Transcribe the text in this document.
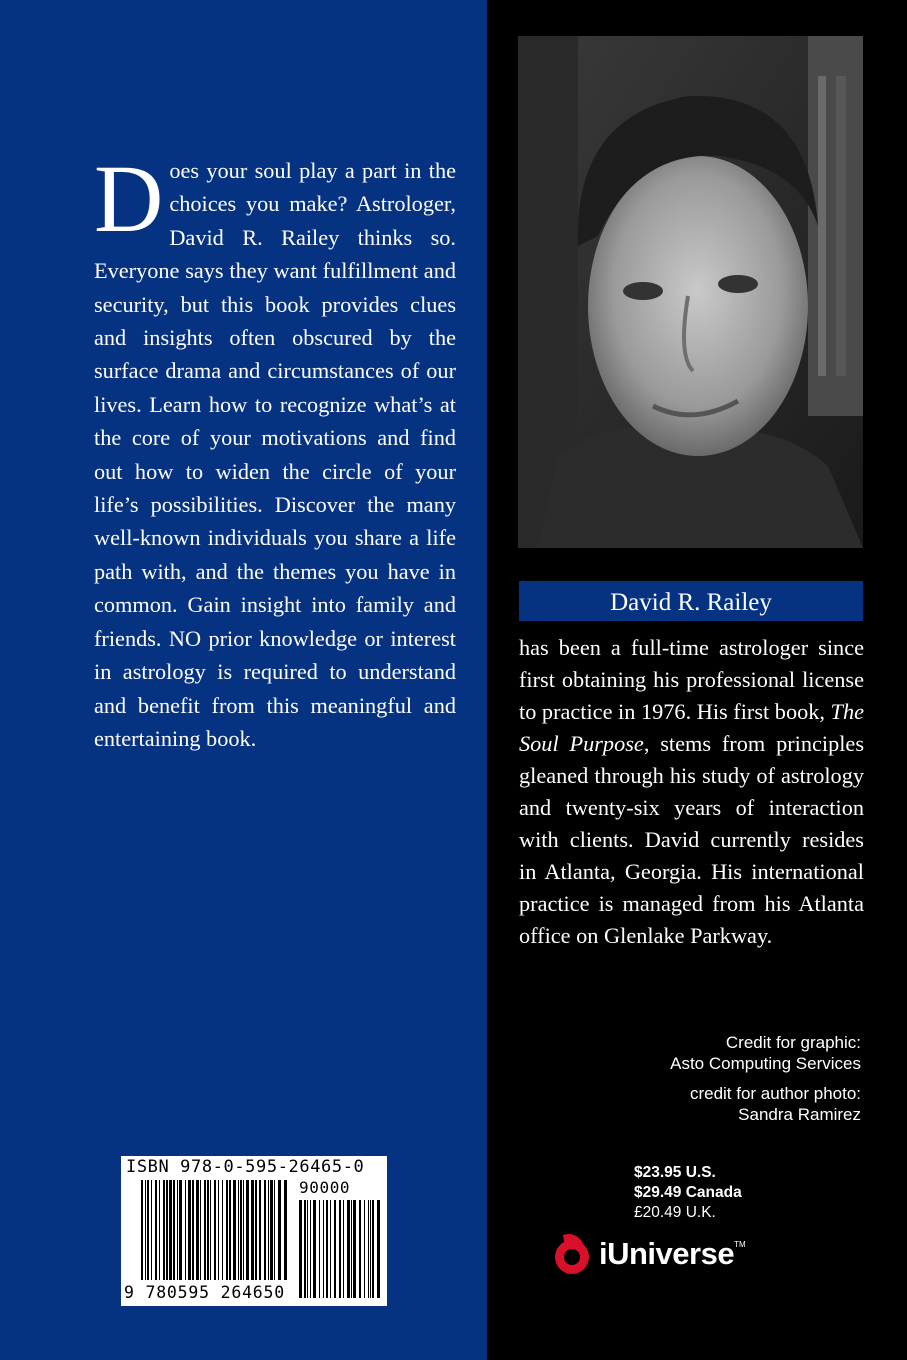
Does your soul play a part in the choices you make? Astrologer, David R. Railey thinks so. Everyone says they want fulfillment and security, but this book provides clues and insights often obscured by the surface drama and circumstances of our lives. Learn how to recognize what’s at the core of your motivations and find out how to widen the circle of your life’s possibilities. Discover the many well-known individuals you share a life path with, and the themes you have in common. Gain insight into family and friends. NO prior knowledge or interest in astrology is required to understand and benefit from this meaningful and entertaining book.
David R. Railey
has been a full-time astrologer since first obtaining his professional license to practice in 1976. His first book, The Soul Purpose, stems from principles gleaned through his study of astrology and twenty-six years of interaction with clients. David currently resides in Atlanta, Georgia. His international practice is managed from his Atlanta office on Glenlake Parkway.
Credit for graphic:
Asto Computing Services
credit for author photo:
Sandra Ramirez
$23.95 U.S.
$29.49 Canada
£20.49 U.K.
iUniverse TM
ISBN 978-0-595-26465-0
90000
9 780595 264650
